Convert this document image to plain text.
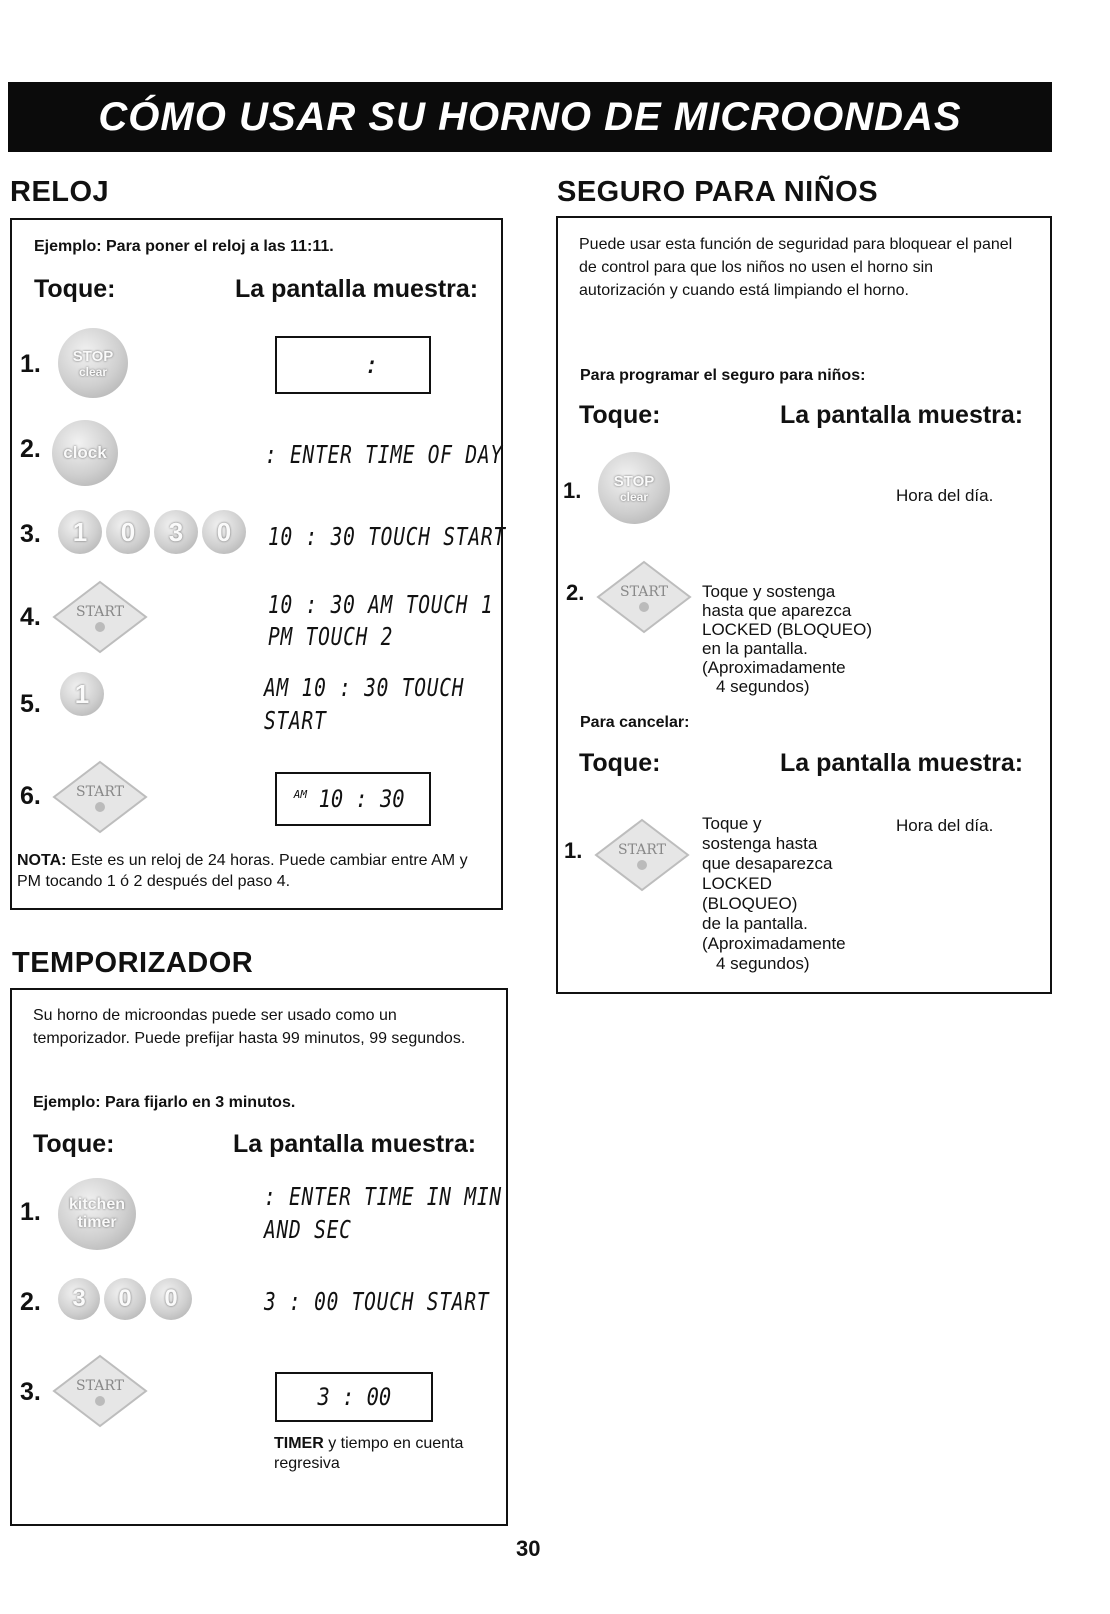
CÓMO USAR SU HORNO DE MICROONDAS
RELOJ
Ejemplo: Para poner el reloj a las 11:11.
Toque:	La pantalla muestra:
1. STOP
clear	:
2. clock	: ENTER TIME OF DAY
3.	1	0	3	0	10 : 30 TOUCH START
4.	START	10 : 30 AM TOUCH 1
PM TOUCH 2
5.	1	AM 10 : 30 TOUCH
START
6.	START	AM 10 : 30
NOTA: Este es un reloj de 24 horas. Puede cambiar entre AM y PM tocando 1 ó 2 después del paso 4.
TEMPORIZADOR
Su horno de microondas puede ser usado como un temporizador. Puede prefijar hasta 99 minutos, 99 segundos.
Ejemplo: Para fijarlo en 3 minutos.
Toque:	La pantalla muestra:
1. kitchen
timer
: ENTER TIME IN MIN
AND SEC
2.	3	0	0	3 : 00 TOUCH START
3.	START	3 : 00
TIMER y tiempo en cuenta regresiva
SEGURO PARA NIÑOS
Puede usar esta función de seguridad para bloquear el panel de control para que los niños no usen el horno sin autorización y cuando está limpiando el horno.
Para programar el seguro para niños:
Toque:	La pantalla muestra:
1. STOP
clear	Hora del día.
2.	START Toque y sostenga
hasta que aparezca
LOCKED (BLOQUEO)
en la pantalla.
(Aproximadamente
4 segundos)
Para cancelar:
Toque:	La pantalla muestra:
1.	START
Toque y
sostenga hasta
que desaparezca
LOCKED
(BLOQUEO)
de la pantalla.
(Aproximadamente
4 segundos)
Hora del día.
30
